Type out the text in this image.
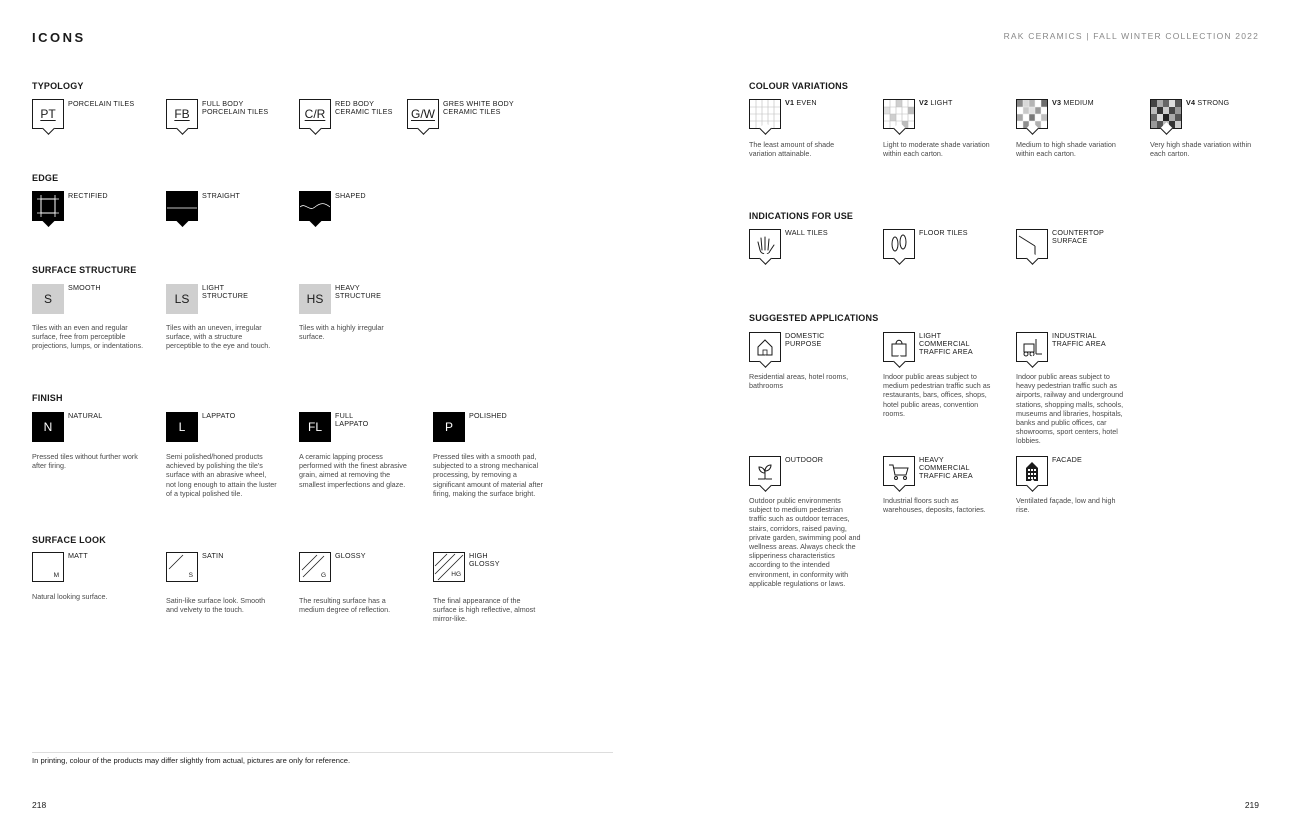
ICONS	RAK CERAMICS | FALL WINTER COLLECTION 2022
TYPOLOGY
PT
PORCELAIN TILES
FB
FULL BODY PORCELAIN TILES	C/R
RED BODY CERAMIC TILES	G/W
GRES WHITE BODY CERAMIC TILES
EDGE
RECTIFIED	STRAIGHT	SHAPED
SURFACE STRUCTURE
S
SMOOTH
Tiles with an even and regular surface, free from perceptible projections, lumps, or indentations.
LS
LIGHT STRUCTURE
Tiles with an uneven, irregular surface, with a structure perceptible to the eye and touch.
HS
HEAVY STRUCTURE
Tiles with a highly irregular surface.
FINISH
N
NATURAL
Pressed tiles without further work after firing.
L
LAPPATO
Semi polished/honed products achieved by polishing the tile's surface with an abrasive wheel, not long enough to attain the luster of a typical polished tile.
FL
FULL LAPPATO
A ceramic lapping process performed with the finest abrasive grain, aimed at removing the smallest imperfections and glaze.
P
POLISHED
Pressed tiles with a smooth pad, subjected to a strong mechanical processing, by removing a significant amount of material after firing, making the surface bright.
SURFACE LOOK
M
MATT
Natural looking surface.
S
SATIN
Satin-like surface look. Smooth and velvety to the touch.
G
GLOSSY
The resulting surface has a medium degree of reflection.
HG
HIGH GLOSSY
The final appearance of the surface is high reflective, almost mirror-like.
COLOUR VARIATIONS
V1 EVEN
The least amount of shade variation attainable.
V2 LIGHT
Light to moderate shade variation within each carton.
V3 MEDIUM
Medium to high shade variation within each carton.
V4 STRONG
Very high shade variation within each carton.
INDICATIONS FOR USE
WALL TILES	FLOOR TILES	COUNTERTOP SURFACE
SUGGESTED APPLICATIONS
DOMESTIC PURPOSE
Residential areas, hotel rooms, bathrooms
LIGHT COMMERCIAL TRAFFIC AREA
Indoor public areas subject to medium pedestrian traffic such as restaurants, bars, offices, shops, hotel public areas, convention rooms.
INDUSTRIAL TRAFFIC AREA
Indoor public areas subject to heavy pedestrian traffic such as airports, railway and underground stations, shopping malls, schools, museums and libraries, hospitals, banks and public offices, car showrooms, sport centers, hotel lobbies.
OUTDOOR
Outdoor public environments subject to medium pedestrian traffic such as outdoor terraces, stairs, corridors, raised paving, private garden, swimming pool and wellness areas. Always check the slipperiness characteristics according to the intended environment, in conformity with applicable regulations or laws.
HEAVY COMMERCIAL TRAFFIC AREA
Industrial floors such as warehouses, deposits, factories.
FACADE
Ventilated façade, low and high rise.
In printing, colour of the products may differ slightly from actual, pictures are only for reference.
218	219
